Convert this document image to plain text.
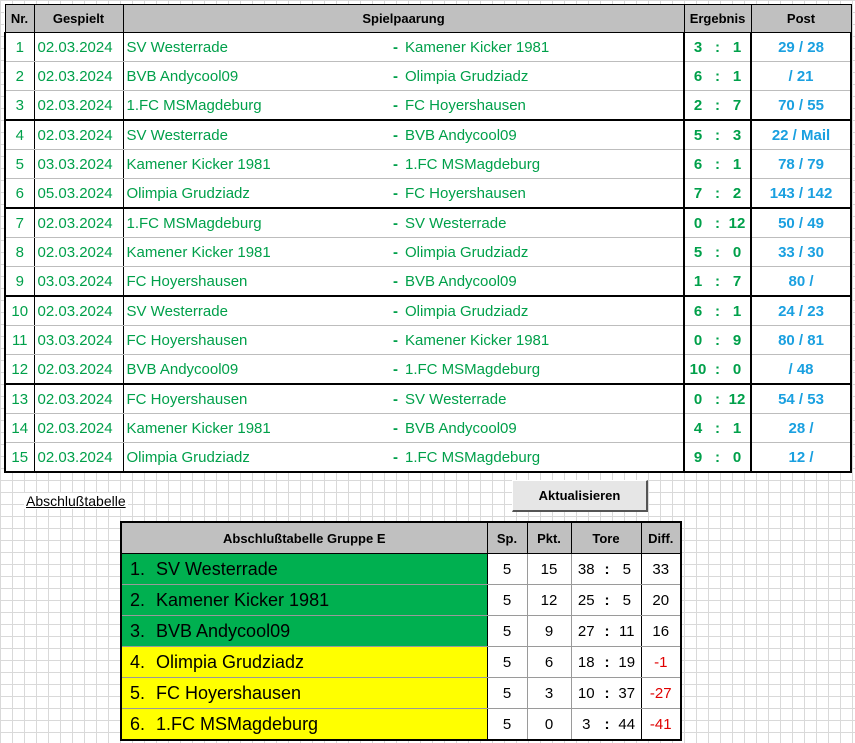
Nr.	Gespielt	Spielpaarung			Ergebnis			Post
1	02.03.2024	SV Westerrade	-	Kamener Kicker 1981	3	:	1	29 / 28
2	02.03.2024	BVB Andycool09	-	Olimpia Grudziadz	6	:	1	/ 21
3	02.03.2024	1.FC MSMagdeburg	-	FC Hoyershausen	2	:	7	70 / 55
4	02.03.2024	SV Westerrade	-	BVB Andycool09	5	:	3	22 / Mail
5	03.03.2024	Kamener Kicker 1981	-	1.FC MSMagdeburg	6	:	1	78 / 79
6	05.03.2024	Olimpia Grudziadz	-	FC Hoyershausen	7	:	2	143 / 142
7	02.03.2024	1.FC MSMagdeburg	-	SV Westerrade	0	:	12	50 / 49
8	02.03.2024	Kamener Kicker 1981	-	Olimpia Grudziadz	5	:	0	33 / 30
9	03.03.2024	FC Hoyershausen	-	BVB Andycool09	1	:	7	80 /
10	02.03.2024	SV Westerrade	-	Olimpia Grudziadz	6	:	1	24 / 23
11	03.03.2024	FC Hoyershausen	-	Kamener Kicker 1981	0	:	9	80 / 81
12	02.03.2024	BVB Andycool09	-	1.FC MSMagdeburg	10	:	0	/ 48
13	02.03.2024	FC Hoyershausen	-	SV Westerrade	0	:	12	54 / 53
14	02.03.2024	Kamener Kicker 1981	-	BVB Andycool09	4	:	1	28 /
15	02.03.2024	Olimpia Grudziadz	-	1.FC MSMagdeburg	9	:	0	12 /
Abschlußtabelle	Aktualisieren
Abschlußtabelle Gruppe E	Sp.	Pkt.	Tore			Diff.
1. SV Westerrade	5	15	38	:	5	33
2. Kamener Kicker 1981	5	12	25	:	5	20
3. BVB Andycool09	5	9	27	:	11	16
4. Olimpia Grudziadz	5	6	18	:	19	-1
5. FC Hoyershausen	5	3	10	:	37	-27
6. 1.FC MSMagdeburg	5	0	3	:	44	-41
